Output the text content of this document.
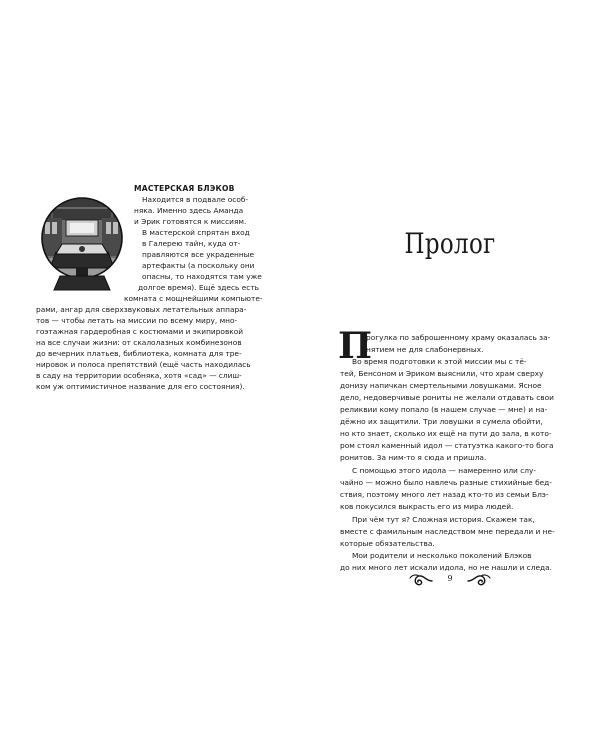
МАСТЕРСКАЯ БЛЭКОВ
Находится в подвале особ-
няка. Именно здесь Аманда
и Эрик готовятся к миссиям.
В мастерской спрятан вход
в Галерею тайн, куда от-
правляются все украденные
артефакты (а поскольку они
опасны, то находятся там уже
долгое время). Ещё здесь есть
комната с мощнейшими компьюте-
рами, ангар для сверхзвуковых летательных аппара-
тов — чтобы летать на миссии по всему миру, мно-
гоэтажная гардеробная с костюмами и экипировкой
на все случаи жизни: от скалолазных комбинезонов
до вечерних платьев, библиотека, комната для тре-
нировок и полоса препятствий (ещё часть находилась
в саду на территории особняка, хотя «сад» — слиш-
ком уж оптимистичное название для его состояния).
Пролог
П
рогулка по заброшенному храму оказалась за-
нятием не для слабонервных.
Во время подготовки к этой миссии мы с тё-
тей, Бенсоном и Эриком выяснили, что храм сверху
донизу напичкан смертельными ловушками. Ясное
дело, недоверчивые рониты не желали отдавать свои
реликвии кому попало (в нашем случае — мне) и на-
дёжно их защитили. Три ловушки я сумела обойти,
но кто знает, сколько их ещё на пути до зала, в кото-
ром стоял каменный идол — статуэтка какого-то бога
ронитов. За ним-то я сюда и пришла.
С помощью этого идола — намеренно или слу-
чайно — можно было навлечь разные стихийные бед-
ствия, поэтому много лет назад кто-то из семьи Блэ-
ков покусился выкрасть его из мира людей.
При чём тут я? Сложная история. Скажем так,
вместе с фамильным наследством мне передали и не-
которые обязательства.
Мои родители и несколько поколений Блэков
до них много лет искали идола, но не нашли и следа.
9
